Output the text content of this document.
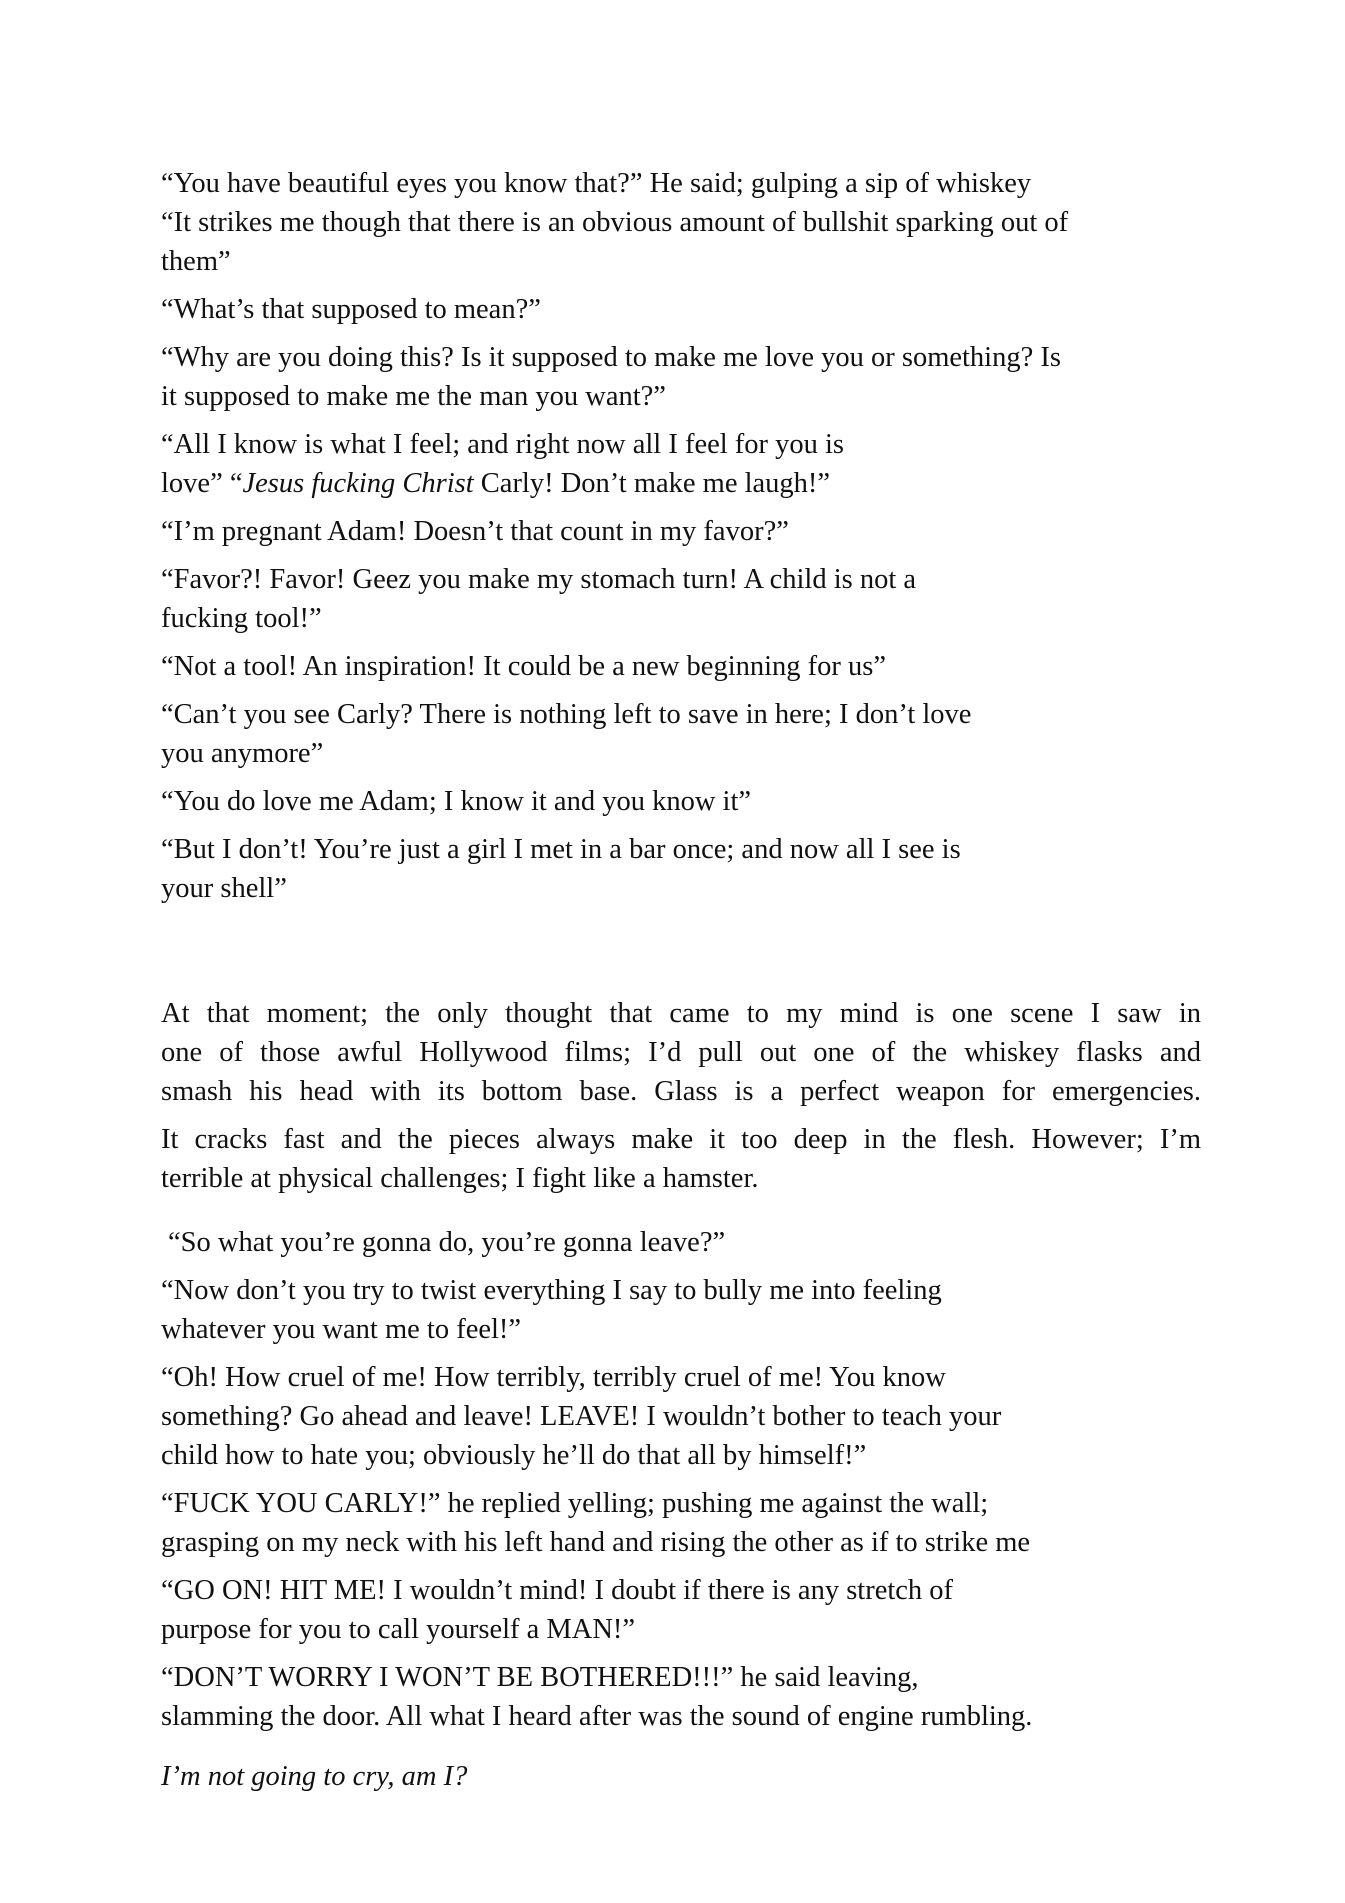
“You have beautiful eyes you know that?” He said; gulping a sip of whiskey
“It strikes me though that there is an obvious amount of bullshit sparking out of
them”

“What’s that supposed to mean?”

“Why are you doing this? Is it supposed to make me love you or something? Is
it supposed to make me the man you want?”

“All I know is what I feel; and right now all I feel for you is
love” “Jesus fucking Christ Carly! Don’t make me laugh!”

“I’m pregnant Adam! Doesn’t that count in my favor?”

“Favor?! Favor! Geez you make my stomach turn! A child is not a
fucking tool!”

“Not a tool! An inspiration! It could be a new beginning for us”

“Can’t you see Carly? There is nothing left to save in here; I don’t love
you anymore”

“You do love me Adam; I know it and you know it”

“But I don’t! You’re just a girl I met in a bar once; and now all I see is
your shell”

At that moment; the only thought that came to my mind is one scene I saw in
one of those awful Hollywood films; I’d pull out one of the whiskey flasks and
smash his head with its bottom base. Glass is a perfect weapon for emergencies.

It cracks fast and the pieces always make it too deep in the flesh. However; I’m
terrible at physical challenges; I fight like a hamster.

“So what you’re gonna do, you’re gonna leave?”

“Now don’t you try to twist everything I say to bully me into feeling
whatever you want me to feel!”

“Oh! How cruel of me! How terribly, terribly cruel of me! You know
something? Go ahead and leave! LEAVE! I wouldn’t bother to teach your
child how to hate you; obviously he’ll do that all by himself!”

“FUCK YOU CARLY!” he replied yelling; pushing me against the wall;
grasping on my neck with his left hand and rising the other as if to strike me

“GO ON! HIT ME! I wouldn’t mind! I doubt if there is any stretch of
purpose for you to call yourself a MAN!”

“DON’T WORRY I WON’T BE BOTHERED!!!” he said leaving,
slamming the door. All what I heard after was the sound of engine rumbling.

I’m not going to cry, am I?
